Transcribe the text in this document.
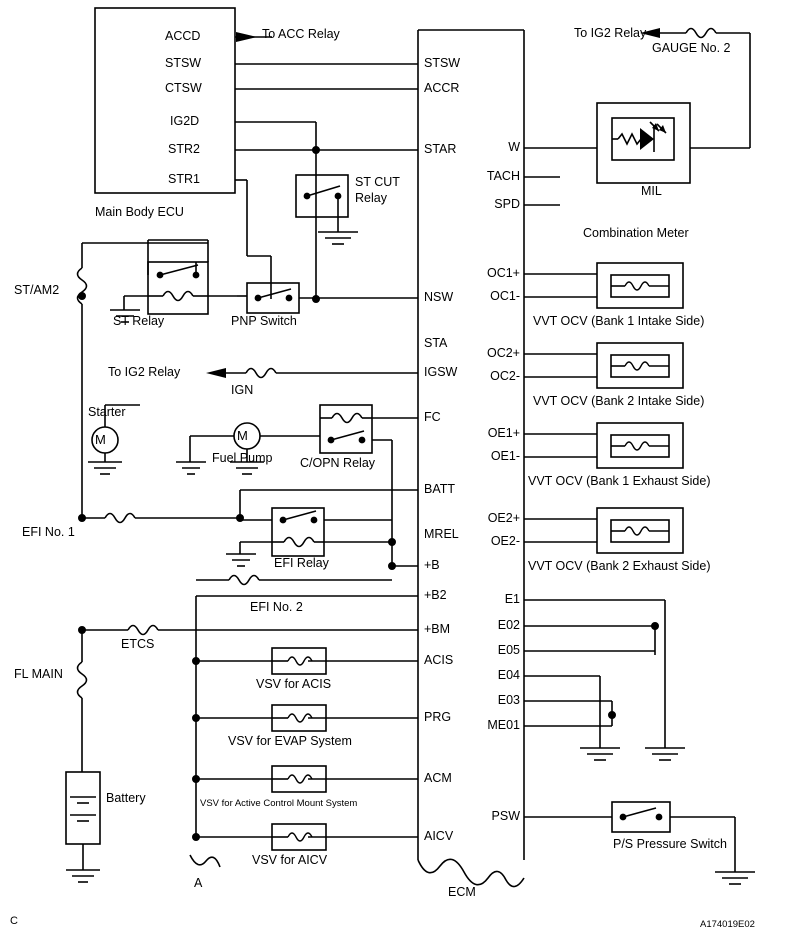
ACCD
STSW
CTSW
IG2D
STR2
STR1
Main Body ECU
To ACC Relay	To IG2 Relay
GAUGE No. 2
STSW
ACCR
STAR
NSW
STA
IGSW
FC
BATT
MREL
+B
+B2
+BM
ACIS
PRG
ACM
AICV
W
TACH
SPD
OC1+
OC1-
OC2+
OC2-
OE1+
OE1-
OE2+
OE2-
E1
E02
E05
E04
E03
ME01
PSW
ECM
A
MIL
Combination Meter
VVT OCV (Bank 1 Intake Side)
VVT OCV (Bank 2 Intake Side)
VVT OCV (Bank 1 Exhaust Side)
VVT OCV (Bank 2 Exhaust Side)
P/S Pressure Switch
ST CUT
Relay
ST/AM2
ST Relay	PNP Switch
To IG2 Relay
IGN
Starter
M	M
Fuel Pump C/OPN Relay
EFI No. 1
EFI Relay
EFI No. 2
ETCS
FL MAIN
Battery
VSV for ACIS
VSV for EVAP System
VSV for Active Control Mount System
VSV for AICV
C	A174019E02
